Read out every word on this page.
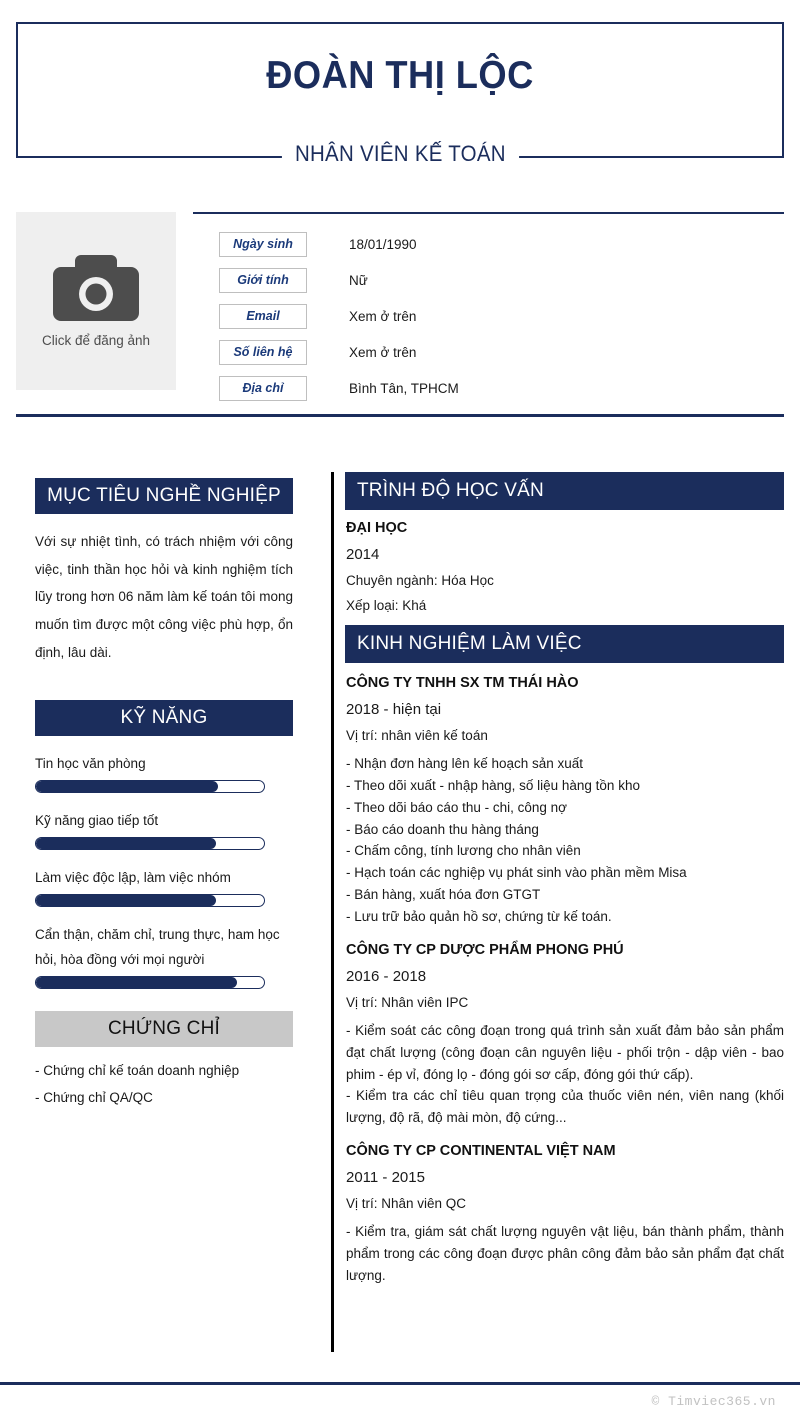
ĐOÀN THỊ LỘC
NHÂN VIÊN KẾ TOÁN
Click để đăng ảnh
Ngày sinh	18/01/1990
Giới tính	Nữ
Email	Xem ở trên
Số liên hệ	Xem ở trên
Địa chỉ	Bình Tân, TPHCM
MỤC TIÊU NGHỀ NGHIỆP
Với sự nhiệt tình, có trách nhiệm với công việc, tinh thần học hỏi và kinh nghiệm tích lũy trong hơn 06 năm làm kế toán tôi mong muốn tìm được một công việc phù hợp, ổn định, lâu dài.
KỸ NĂNG
Tin học văn phòng
Kỹ năng giao tiếp tốt
Làm việc độc lập, làm việc nhóm
Cẩn thận, chăm chỉ, trung thực, ham học hỏi, hòa đồng với mọi người
CHỨNG CHỈ
- Chứng chỉ kế toán doanh nghiệp
- Chứng chỉ QA/QC
TRÌNH ĐỘ HỌC VẤN

ĐẠI HỌC

2014

Chuyên ngành: Hóa Học

Xếp loại: Khá

KINH NGHIỆM LÀM VIỆC

CÔNG TY TNHH SX TM THÁI HÀO

2018 - hiện tại

Vị trí: nhân viên kế toán

- Nhận đơn hàng lên kế hoạch sản xuất
- Theo dõi xuất - nhập hàng, số liệu hàng tồn kho
- Theo dõi báo cáo thu - chi, công nợ
- Báo cáo doanh thu hàng tháng
- Chấm công, tính lương cho nhân viên
- Hạch toán các nghiệp vụ phát sinh vào phần mềm Misa
- Bán hàng, xuất hóa đơn GTGT
- Lưu trữ bảo quản hồ sơ, chứng từ kế toán.

CÔNG TY CP DƯỢC PHẨM PHONG PHÚ

2016 - 2018

Vị trí: Nhân viên IPC

- Kiểm soát các công đoạn trong quá trình sản xuất đảm bảo sản phẩm đạt chất lượng (công đoạn cân nguyên liệu - phối trộn - dập viên - bao phim - ép vỉ, đóng lọ - đóng gói sơ cấp, đóng gói thứ cấp).

- Kiểm tra các chỉ tiêu quan trọng của thuốc viên nén, viên nang (khối lượng, độ rã, độ mài mòn, độ cứng...

CÔNG TY CP CONTINENTAL VIỆT NAM

2011 - 2015

Vị trí: Nhân viên QC

- Kiểm tra, giám sát chất lượng nguyên vật liệu, bán thành phẩm, thành phẩm trong các công đoạn được phân công đảm bảo sản phẩm đạt chất lượng.

© Timviec365.vn
